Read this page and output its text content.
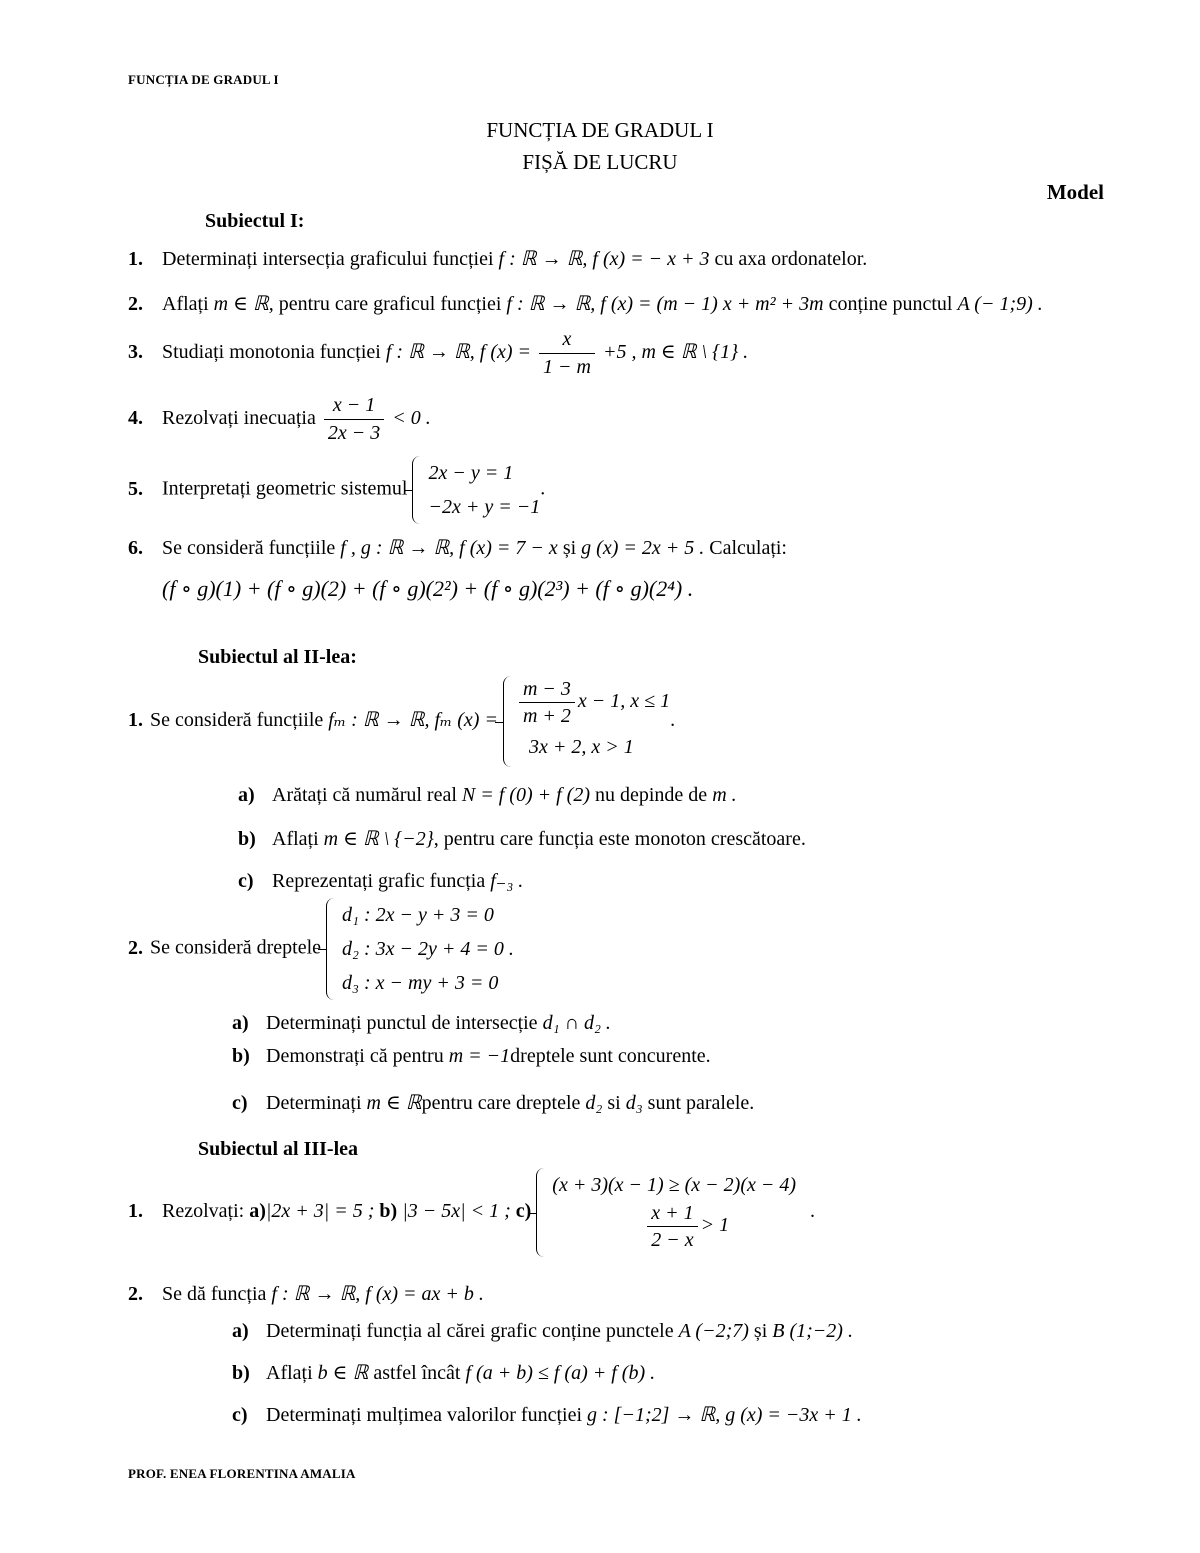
FUNCȚIA DE GRADUL I
FUNCȚIA DE GRADUL I
FIȘĂ DE LUCRU
Model
Subiectul I:
1. Determinați intersecția graficului funcției f : ℝ → ℝ, f (x) = − x + 3 cu axa ordonatelor.
2. Aflați m ∈ ℝ, pentru care graficul funcției f : ℝ → ℝ, f (x) = (m − 1) x + m² + 3m conține punctul A (− 1;9) .
3. Studiați monotonia funcției f : ℝ → ℝ, f $(x) = \frac{x}{1 - m} +5$ , m ∈ ℝ \ {1} .
4. Rezolvați inecuația $\frac{x - 1}{2x - 3} < 0$ .
5. Interpretați geometric sistemul
2x − y = 1
−2x + y = −1
.
6. Se consideră funcțiile f , g : ℝ → ℝ, f (x) = 7 − x și g (x) = 2x + 5 . Calculați:
(f ∘ g)(1) + (f ∘ g)(2) + (f ∘ g)(2²) + (f ∘ g)(2³) + (f ∘ g)(2⁴) .
Subiectul al II-lea:
1. Se consideră funcțiile fₘ : ℝ → ℝ, fₘ $(x) = \frac{m - 3}{m + 2}$ x − 1, x ≤ 1
3x + 2, x > 1
.
a) Arătați că numărul real N = f (0) + f (2) nu depinde de m .
b) Aflați m ∈ ℝ \ {−2}, pentru care funcția este monoton crescătoare.
c) Reprezentați grafic funcția f₋₃ .
2. Se consideră dreptele
d₁ : 2x − y + 3 = 0
d₂ : 3x − 2y + 4 = 0 .
d₃ : x − my + 3 = 0
a) Determinați punctul de intersecție d₁ ∩ d₂ .
b) Demonstrați că pentru m = −1dreptele sunt concurente.
c) Determinați m ∈ ℝpentru care dreptele d₂ si d₃ sunt paralele.
Subiectul al III-lea
1. Rezolvați: a)|2x + 3| = 5 ; b) |3 − 5x| < 1 ; c)
(x + 3)(x − 1) ≥ (x − 2)(x − 4)
$\frac{x + 1}{2 - x} > 1$
.
2. Se dă funcția f : ℝ → ℝ, f (x) = ax + b .
a) Determinați funcția al cărei grafic conține punctele A (−2;7) și B (1;−2) .
b) Aflați b ∈ ℝ astfel încât f (a + b) ≤ f (a) + f (b) .
c) Determinați mulțimea valorilor funcției g : [−1;2] → ℝ, g (x) = −3x + 1 .
PROF. ENEA FLORENTINA AMALIA
